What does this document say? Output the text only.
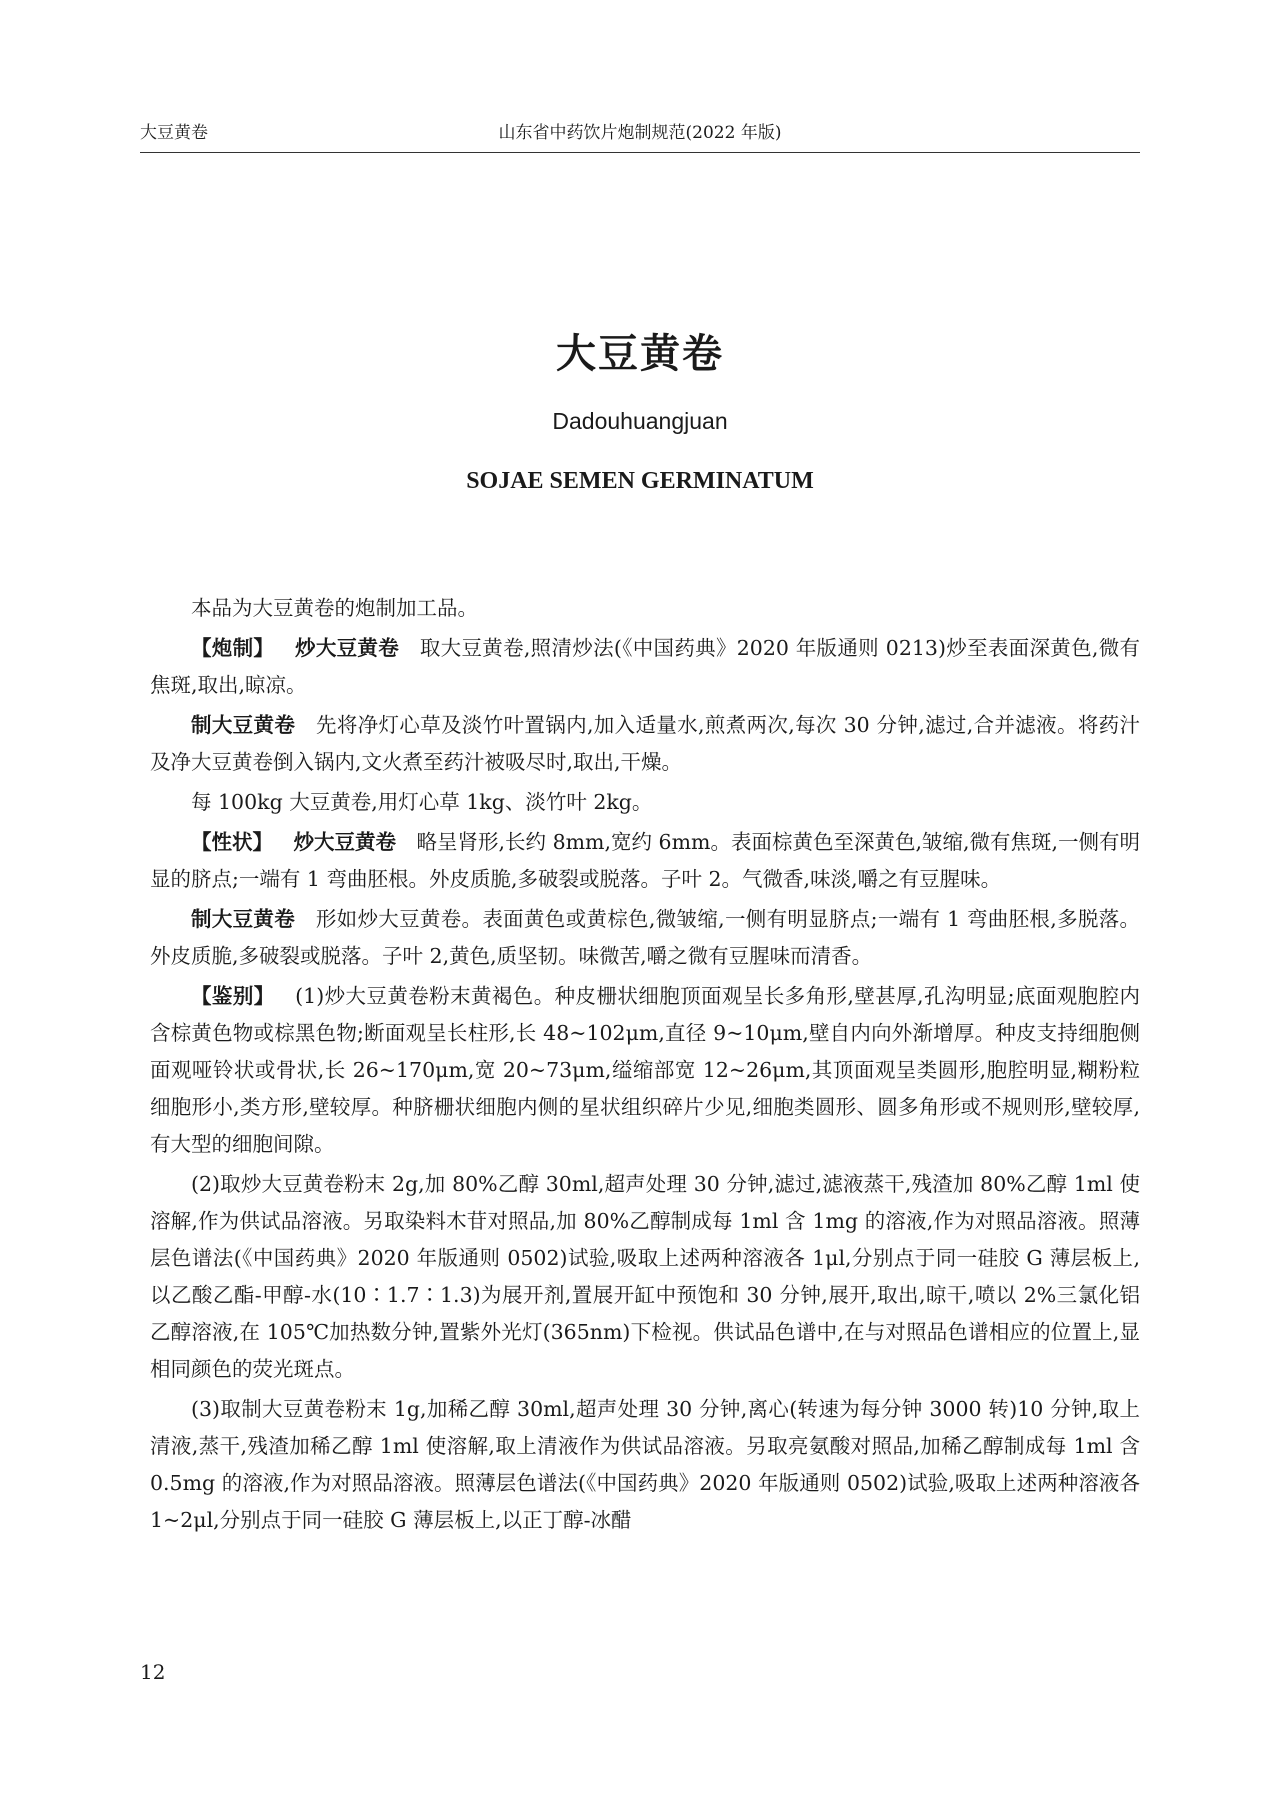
大豆黄卷	山东省中药饮片炮制规范(2022 年版)
大豆黄卷
Dadouhuangjuan
SOJAE SEMEN GERMINATUM

本品为大豆黄卷的炮制加工品。

【炮制】 炒大豆黄卷 取大豆黄卷,照清炒法(《中国药典》2020 年版通则 0213)炒至表面深黄色,微有焦斑,取出,晾凉。

制大豆黄卷 先将净灯心草及淡竹叶置锅内,加入适量水,煎煮两次,每次 30 分钟,滤过,合并滤液。将药汁及净大豆黄卷倒入锅内,文火煮至药汁被吸尽时,取出,干燥。

每 100kg 大豆黄卷,用灯心草 1kg、淡竹叶 2kg。

【性状】 炒大豆黄卷 略呈肾形,长约 8mm,宽约 6mm。表面棕黄色至深黄色,皱缩,微有焦斑,一侧有明显的脐点;一端有 1 弯曲胚根。外皮质脆,多破裂或脱落。子叶 2。气微香,味淡,嚼之有豆腥味。

制大豆黄卷 形如炒大豆黄卷。表面黄色或黄棕色,微皱缩,一侧有明显脐点;一端有 1 弯曲胚根,多脱落。外皮质脆,多破裂或脱落。子叶 2,黄色,质坚韧。味微苦,嚼之微有豆腥味而清香。

【鉴别】 (1)炒大豆黄卷粉末黄褐色。种皮栅状细胞顶面观呈长多角形,壁甚厚,孔沟明显;底面观胞腔内含棕黄色物或棕黑色物;断面观呈长柱形,长 48~102μm,直径 9~10μm,壁自内向外渐增厚。种皮支持细胞侧面观哑铃状或骨状,长 26~170μm,宽 20~73μm,缢缩部宽 12~26μm,其顶面观呈类圆形,胞腔明显,糊粉粒细胞形小,类方形,壁较厚。种脐栅状细胞内侧的星状组织碎片少见,细胞类圆形、圆多角形或不规则形,壁较厚,有大型的细胞间隙。

(2)取炒大豆黄卷粉末 2g,加 80%乙醇 30ml,超声处理 30 分钟,滤过,滤液蒸干,残渣加 80%乙醇 1ml 使溶解,作为供试品溶液。另取染料木苷对照品,加 80%乙醇制成每 1ml 含 1mg 的溶液,作为对照品溶液。照薄层色谱法(《中国药典》2020 年版通则 0502)试验,吸取上述两种溶液各 1μl,分别点于同一硅胶 G 薄层板上,以乙酸乙酯-甲醇-水(10∶1.7∶1.3)为展开剂,置展开缸中预饱和 30 分钟,展开,取出,晾干,喷以 2%三氯化铝乙醇溶液,在 105℃加热数分钟,置紫外光灯(365nm)下检视。供试品色谱中,在与对照品色谱相应的位置上,显相同颜色的荧光斑点。

(3)取制大豆黄卷粉末 1g,加稀乙醇 30ml,超声处理 30 分钟,离心(转速为每分钟 3000 转)10 分钟,取上清液,蒸干,残渣加稀乙醇 1ml 使溶解,取上清液作为供试品溶液。另取亮氨酸对照品,加稀乙醇制成每 1ml 含 0.5mg 的溶液,作为对照品溶液。照薄层色谱法(《中国药典》2020 年版通则 0502)试验,吸取上述两种溶液各 1~2μl,分别点于同一硅胶 G 薄层板上,以正丁醇-冰醋

12
